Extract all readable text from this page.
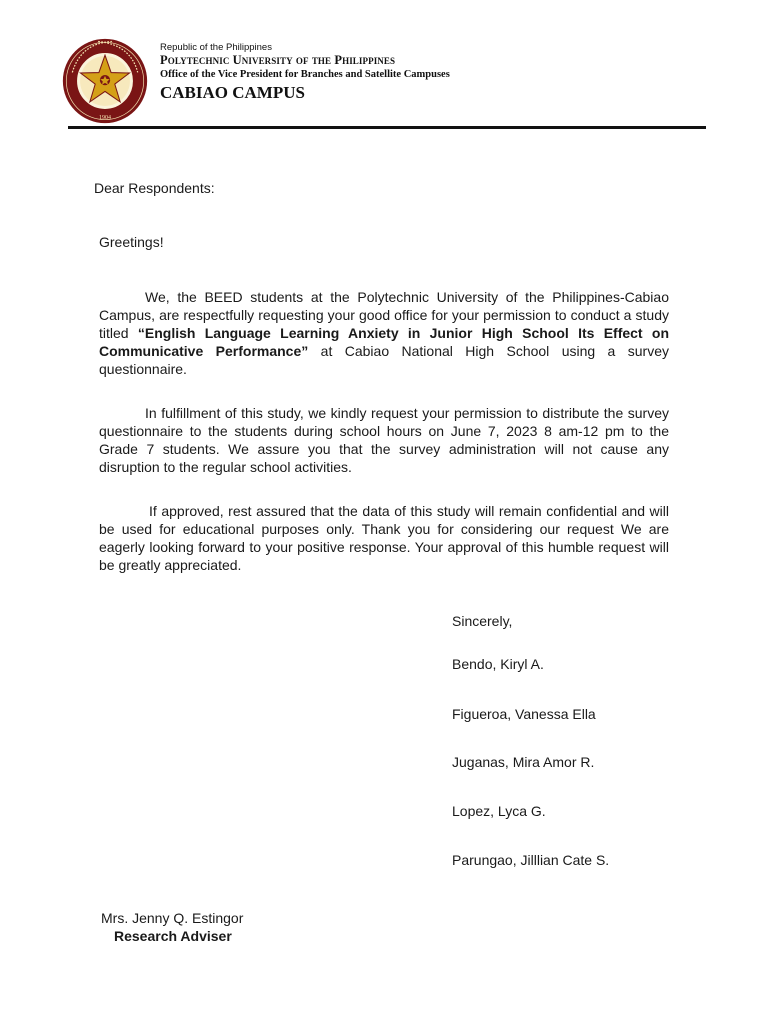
1904
Republic of the Philippines
Polytechnic University of the Philippines
Office of the Vice President for Branches and Satellite Campuses
CABIAO CAMPUS
Dear Respondents:
Greetings!
We, the BEED students at the Polytechnic University of the Philippines-Cabiao Campus, are respectfully requesting your good office for your permission to conduct a study titled “English Language Learning Anxiety in Junior High School Its Effect on Communicative Performance” at Cabiao National High School using a survey questionnaire.
In fulfillment of this study, we kindly request your permission to distribute the survey questionnaire to the students during school hours on June 7, 2023 8 am-12 pm to the Grade 7 students. We assure you that the survey administration will not cause any disruption to the regular school activities.
If approved, rest assured that the data of this study will remain confidential and will be used for educational purposes only. Thank you for considering our request We are eagerly looking forward to your positive response. Your approval of this humble request will be greatly appreciated.
Sincerely,
Bendo, Kiryl A.
Figueroa, Vanessa Ella
Juganas, Mira Amor R.
Lopez, Lyca G.
Parungao, Jilllian Cate S.
Mrs. Jenny Q. Estingor
Research Adviser
